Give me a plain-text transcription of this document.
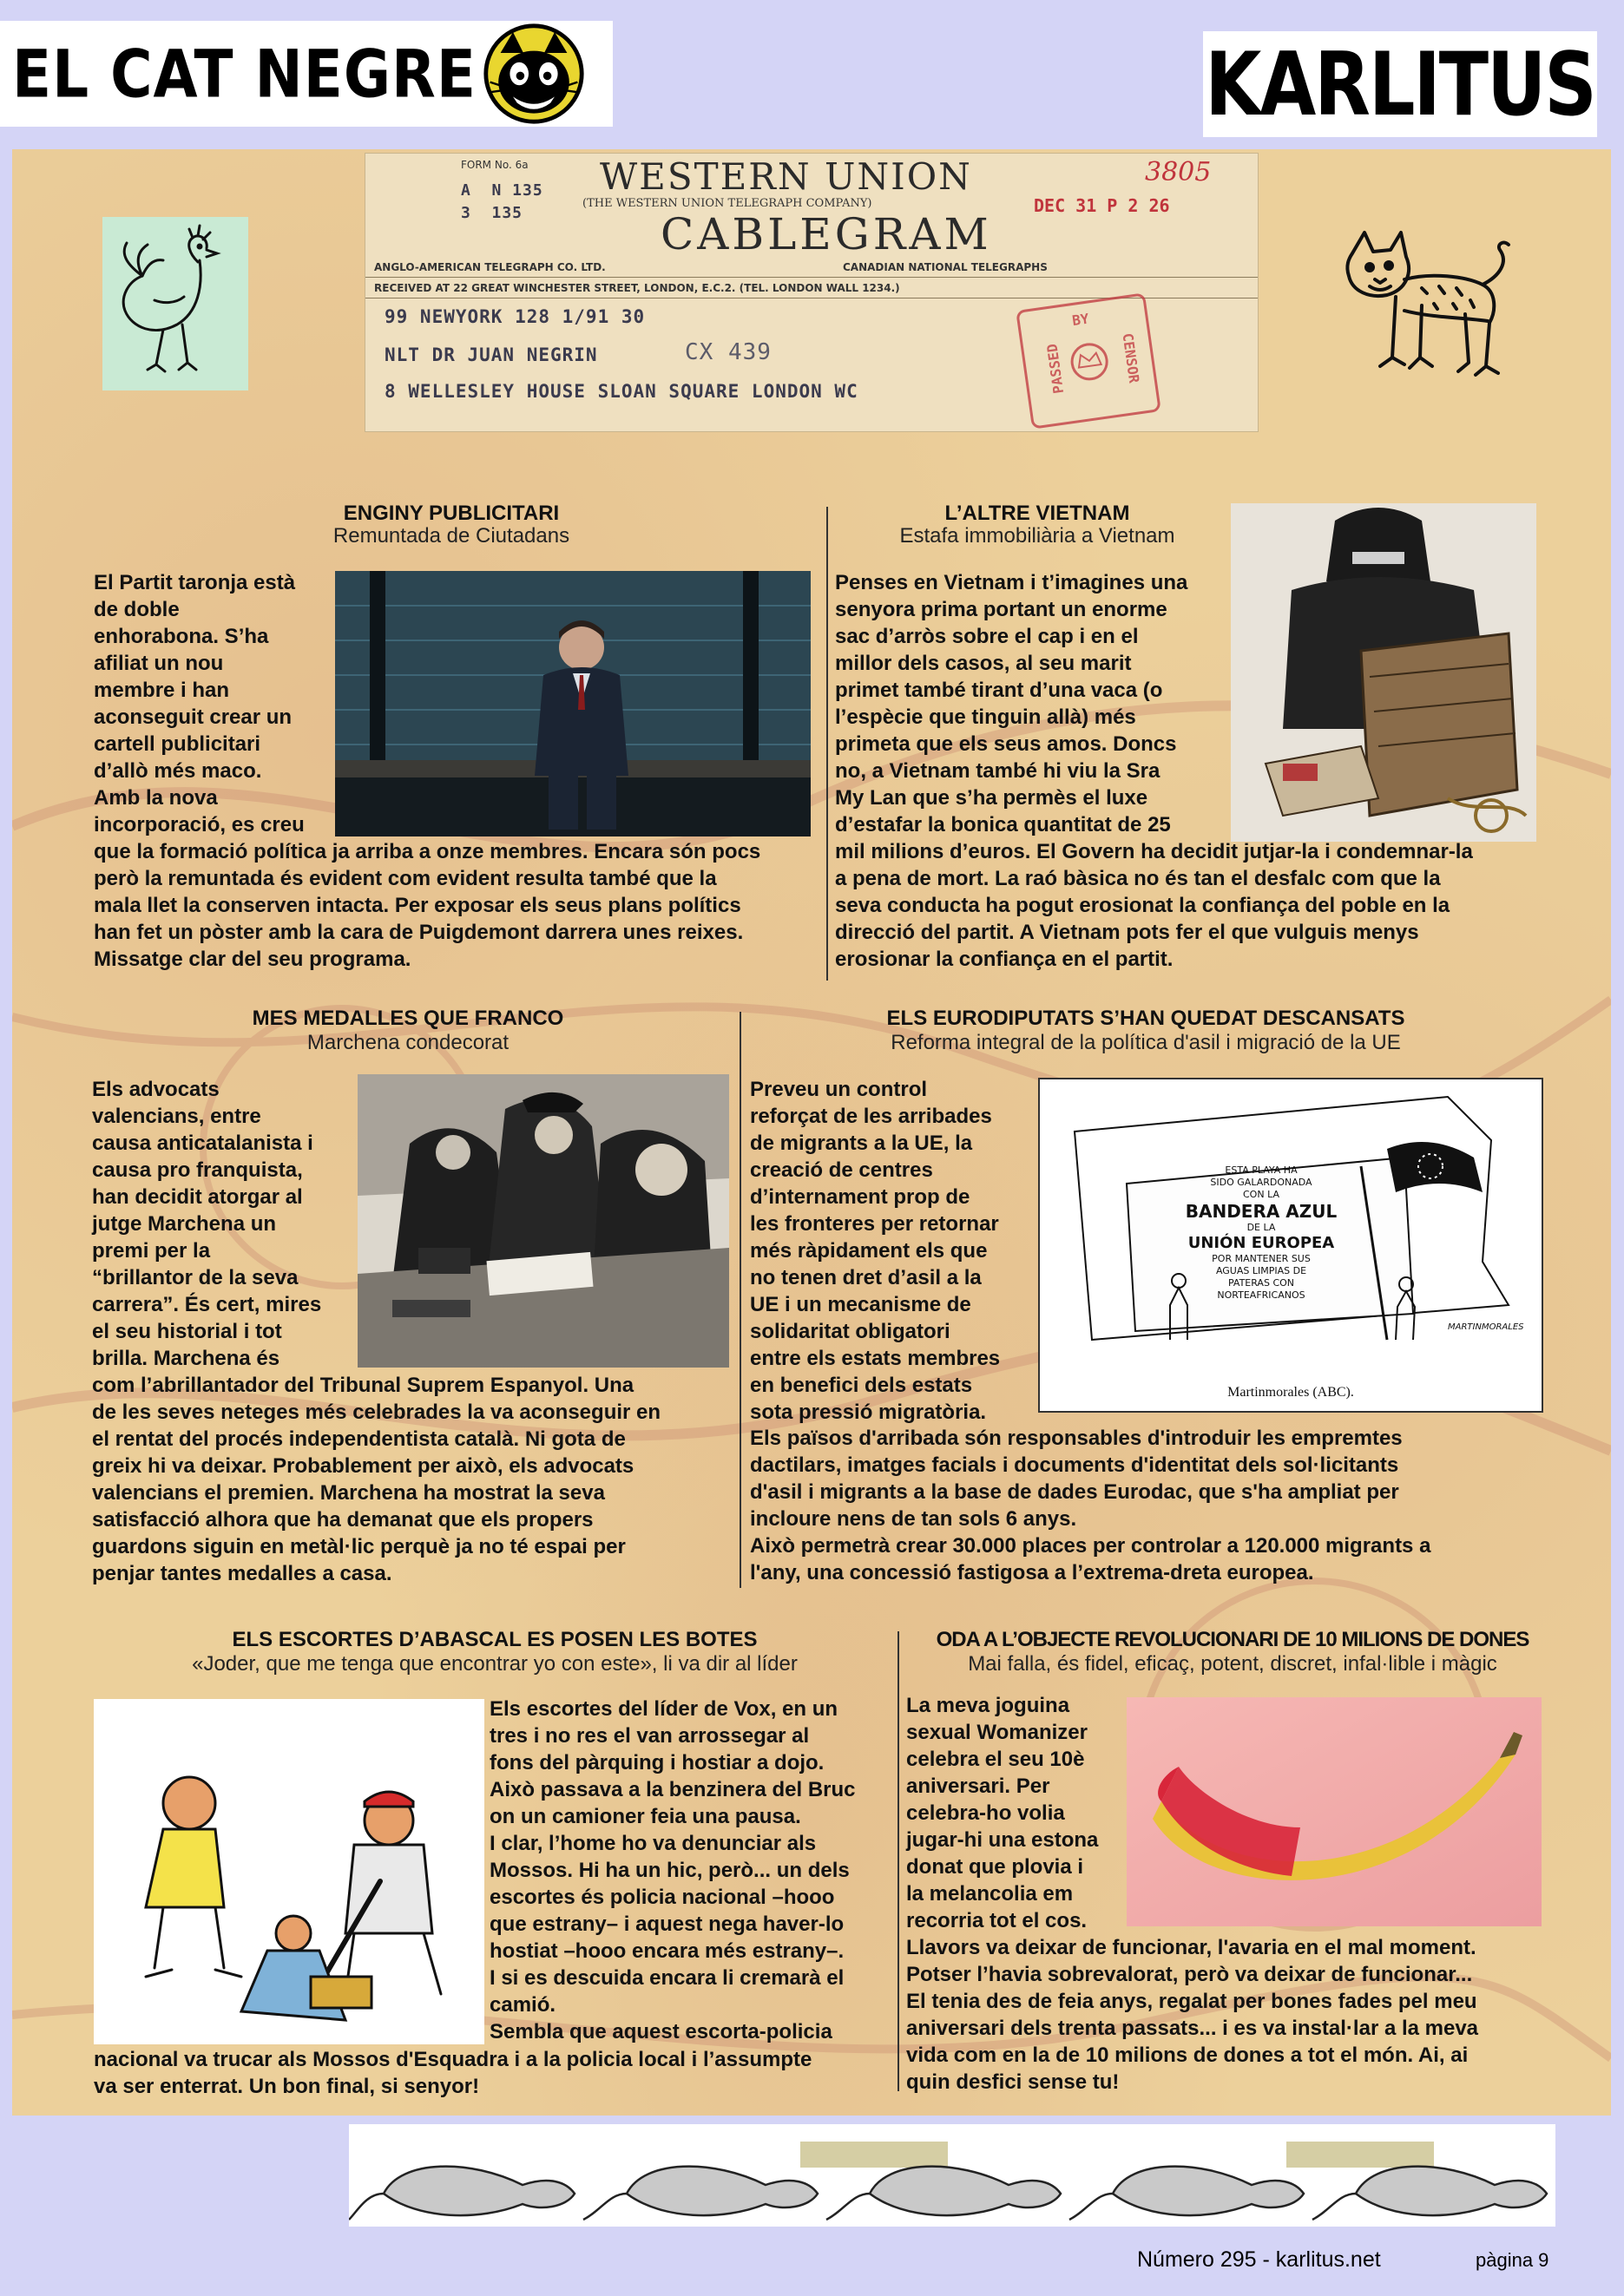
EL CAT NEGRE	KARLITUS
FORM No. 6a
A  N 135
3  135
WESTERN UNION
(THE WESTERN UNION TELEGRAPH COMPANY)
3805
DEC 31 P 2 26
CABLEGRAM
ANGLO-AMERICAN TELEGRAPH CO. LTD.	CANADIAN NATIONAL TELEGRAPHS
RECEIVED AT 22 GREAT WINCHESTER STREET, LONDON, E.C.2. (TEL. LONDON WALL 1234.)
99 NEWYORK 128 1/91 30
NLT DR JUAN NEGRIN	CX 439
8 WELLESLEY HOUSE SLOAN SQUARE LONDON WC
BY
PASSED	CENSOR
ENGINY PUBLICITARI
Remuntada de Ciutadans
El Partit taronja està
de doble
enhorabona. S’ha
afiliat un nou
membre i han
aconseguit crear un
cartell publicitari
d’allò més maco.
Amb la nova
incorporació, es creu
que la formació política ja arriba a onze membres. Encara són pocs
però la remuntada és evident com evident resulta també que la
mala llet la conserven intacta. Per exposar els seus plans polítics
han fet un pòster amb la cara de Puigdemont darrera unes reixes.
Missatge clar del seu programa.
L’ALTRE VIETNAM
Estafa immobiliària a Vietnam
Penses en Vietnam i t’imagines una
senyora prima portant un enorme
sac d’arròs sobre el cap i en el
millor dels casos, al seu marit
primet també tirant d’una vaca (o
l’espècie que tinguin allà) més
primeta que els seus amos. Doncs
no, a Vietnam també hi viu la Sra
My Lan que s’ha permès el luxe
d’estafar la bonica quantitat de 25
mil milions d’euros. El Govern ha decidit jutjar-la i condemnar-la
a pena de mort. La raó bàsica no és tan el desfalc com que la
seva conducta ha pogut erosionat la confiança del poble en la
direcció del partit. A Vietnam pots fer el que vulguis menys
erosionar la confiança en el partit.
MES MEDALLES QUE FRANCO
Marchena condecorat
Els advocats
valencians, entre
causa anticatalanista i
causa pro franquista,
han decidit atorgar al
jutge Marchena un
premi per la
“brillantor de la seva
carrera”. És cert, mires
el seu historial i tot
brilla. Marchena és
com l’abrillantador del Tribunal Suprem Espanyol. Una
de les seves neteges més celebrades la va aconseguir en
el rentat del procés independentista català. Ni gota de
greix hi va deixar. Probablement per això, els advocats
valencians el premien. Marchena ha mostrat la seva
satisfacció alhora que ha demanat que els propers
guardons siguin en metàl·lic perquè ja no té espai per
penjar tantes medalles a casa.
ELS EURODIPUTATS S’HAN QUEDAT DESCANSATS
Reforma integral de la política d'asil i migració de la UE
ESTA PLAYA HA
SIDO GALARDONADA
CON LA
BANDERA AZUL
DE LA
UNIÓN EUROPEA
POR MANTENER SUS
AGUAS LIMPIAS DE
PATERAS CON
NORTEAFRICANOS
MARTINMORALES
Martinmorales (ABC).
Preveu un control
reforçat de les arribades
de migrants a la UE, la
creació de centres
d’internament prop de
les fronteres per retornar
més ràpidament els que
no tenen dret d’asil a la
UE i un mecanisme de
solidaritat obligatori
entre els estats membres
en benefici dels estats
sota pressió migratòria.
Els països d'arribada són responsables d'introduir les empremtes
dactilars, imatges facials i documents d'identitat dels sol·licitants
d'asil i migrants a la base de dades Eurodac, que s'ha ampliat per
incloure nens de tan sols 6 anys.
Això permetrà crear 30.000 places per controlar a 120.000 migrants a
l'any, una concessió fastigosa a l’extrema-dreta europea.
ELS ESCORTES D’ABASCAL ES POSEN LES BOTES
«Joder, que me tenga que encontrar yo con este», li va dir al líder
Els escortes del líder de Vox, en un
tres i no res el van arrossegar al
fons del pàrquing i hostiar a dojo.
Això passava a la benzinera del Bruc
on un camioner feia una pausa.
I clar, l’home ho va denunciar als
Mossos. Hi ha un hic, però... un dels
escortes és policia nacional –hooo
que estrany– i aquest nega haver-lo
hostiat –hooo encara més estrany–.
I si es descuida encara li cremarà el
camió.
Sembla que aquest escorta-policia
nacional va trucar als Mossos d'Esquadra i a la policia local i l’assumpte
va ser enterrat. Un bon final, si senyor!
ODA A L’OBJECTE REVOLUCIONARI DE 10 MILIONS DE DONES
Mai falla, és fidel, eficaç, potent, discret, infal·lible i màgic
La meva joguina
sexual Womanizer
celebra el seu 10è
aniversari. Per
celebra-ho volia
jugar-hi una estona
donat que plovia i
la melancolia em
recorria tot el cos.
Llavors va deixar de funcionar, l'avaria en el mal moment.
Potser l’havia sobrevalorat, però va deixar de funcionar...
El tenia des de feia anys, regalat per bones fades pel meu
aniversari dels trenta passats... i es va instal·lar a la meva
vida com en la de 10 milions de dones a tot el món. Ai, ai
quin desfici sense tu!
Número 295 - karlitus.net	pàgina 9
